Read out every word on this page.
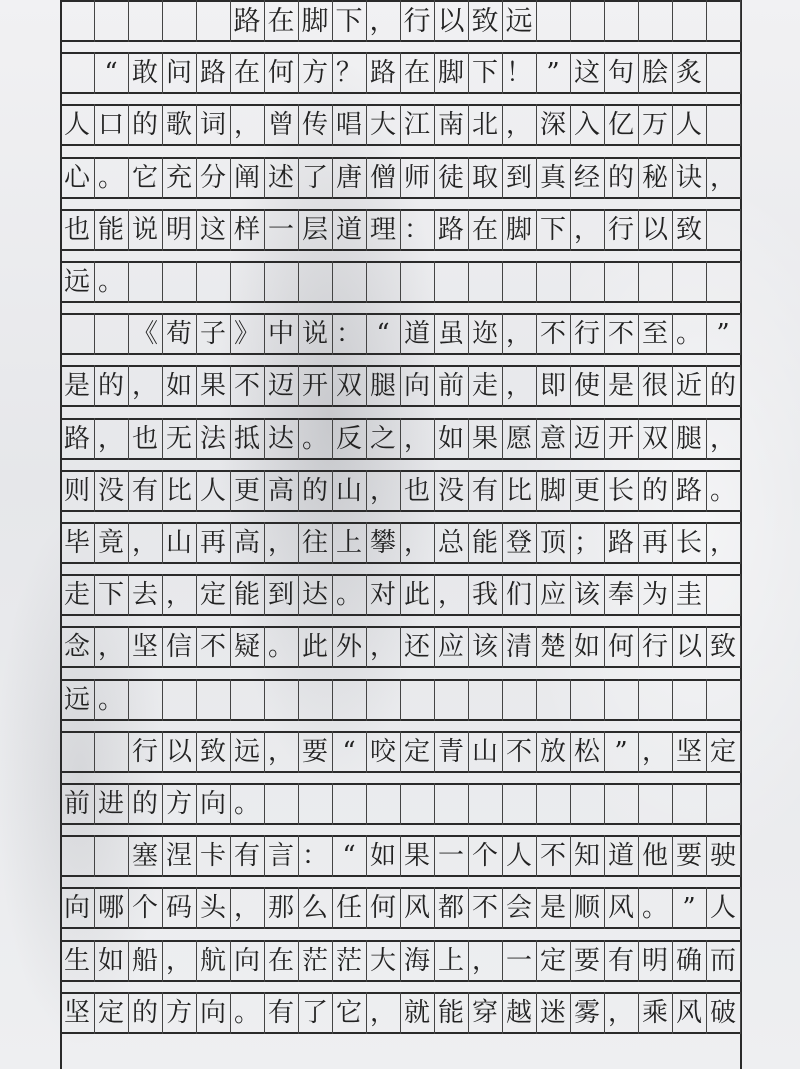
路 在 脚 下 ， 行 以 致 远
“ 敢 问 路 在 何 方 ？ 路 在 脚 下 ！ ” 这 句 脍 炙
人 口 的 歌 词 ， 曾 传 唱 大 江 南 北 ， 深 入 亿 万 人
心 。 它 充 分 阐 述 了 唐 僧 师 徒 取 到 真 经 的 秘 诀 ，
也 能 说 明 这 样 一 层 道 理 ： 路 在 脚 下 ， 行 以 致
远 。
《 荀 子 》 中 说 ： “ 道 虽 迩 ， 不 行 不 至 。 ”
是 的 ， 如 果 不 迈 开 双 腿 向 前 走 ， 即 使 是 很 近 的
路 ， 也 无 法 抵 达 。 反 之 ， 如 果 愿 意 迈 开 双 腿 ，
则 没 有 比 人 更 高 的 山 ， 也 没 有 比 脚 更 长 的 路 。
毕 竟 ， 山 再 高 ， 往 上 攀 ， 总 能 登 顶 ； 路 再 长 ，
走 下 去 ， 定 能 到 达 。 对 此 ， 我 们 应 该 奉 为 圭
念 ， 坚 信 不 疑 。 此 外 ， 还 应 该 清 楚 如 何 行 以 致
远 。
行 以 致 远 ， 要 “ 咬 定 青 山 不 放 松 ” ， 坚 定
前 进 的 方 向 。
塞 涅 卡 有 言 ： “ 如 果 一 个 人 不 知 道 他 要 驶
向 哪 个 码 头 ， 那 么 任 何 风 都 不 会 是 顺 风 。 ” 人
生 如 船 ， 航 向 在 茫 茫 大 海 上 ， 一 定 要 有 明 确 而
坚 定 的 方 向 。 有 了 它 ， 就 能 穿 越 迷 雾 ， 乘 风 破
